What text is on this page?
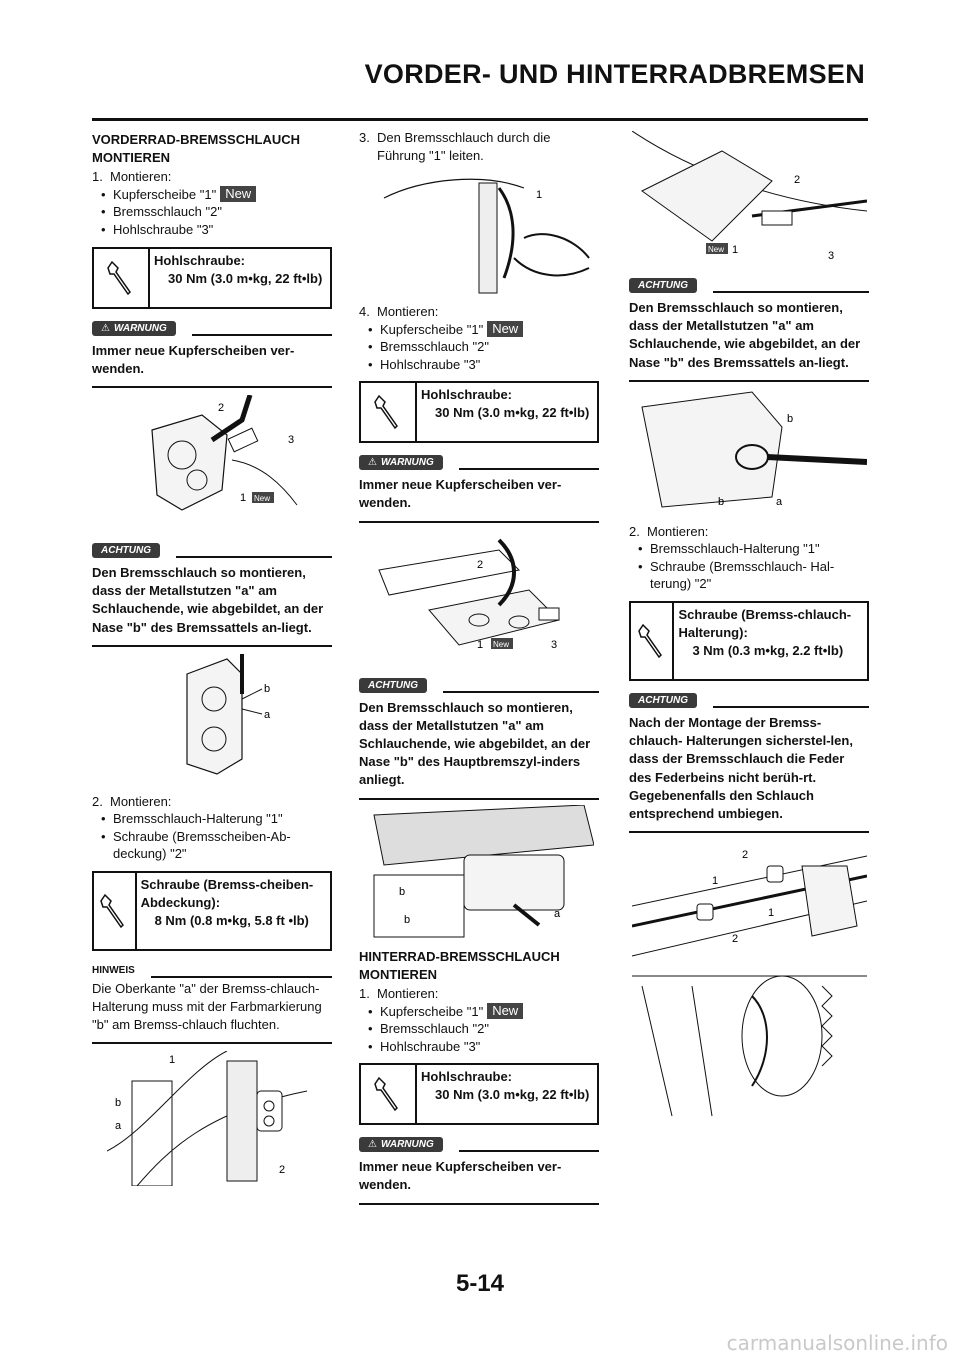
VORDER- UND HINTERRADBREMSEN
VORDERRAD-BREMSSCHLAUCH MONTIEREN
1. Montieren:
• Kupferscheibe "1" New
• Bremsschlauch "2"
• Hohlschraube "3"
Hohlschraube:
30 Nm (3.0 m•kg, 22 ft•lb)
⚠ WARNUNG
Immer neue Kupferscheiben ver-wenden.
2
3
1 New
ACHTUNG
Den Bremsschlauch so montieren, dass der Metallstutzen "a" am Schlauchende, wie abgebildet, an der Nase "b" des Bremssattels an-liegt.
b
a
2. Montieren:
• Bremsschlauch-Halterung "1"
• Schraube (Bremsscheiben-Ab-deckung) "2"
Schraube (Bremss-cheiben-Abdeckung):
8 Nm (0.8 m•kg, 5.8 ft •lb)
HINWEIS
Die Oberkante "a" der Bremss-chlauch- Halterung muss mit der Farbmarkierung "b" am Bremss-chlauch fluchten.
1
b
a
2
3. Den Bremsschlauch durch die Führung "1" leiten.
1
4. Montieren:
• Kupferscheibe "1" New
• Bremsschlauch "2"
• Hohlschraube "3"
Hohlschraube:
30 Nm (3.0 m•kg, 22 ft•lb)
⚠ WARNUNG
Immer neue Kupferscheiben ver-wenden.
2
1 New	3
ACHTUNG
Den Bremsschlauch so montieren, dass der Metallstutzen "a" am Schlauchende, wie abgebildet, an der Nase "b" des Hauptbremszyl-inders anliegt.
b
b	a
HINTERRAD-BREMSSCHLAUCH MONTIEREN
1. Montieren:
• Kupferscheibe "1" New
• Bremsschlauch "2"
• Hohlschraube "3"
Hohlschraube:
30 Nm (3.0 m•kg, 22 ft•lb)
⚠ WARNUNG
Immer neue Kupferscheiben ver-wenden.
2
New 1	3
ACHTUNG
Den Bremsschlauch so montieren, dass der Metallstutzen "a" am Schlauchende, wie abgebildet, an der Nase "b" des Bremssattels an-liegt.
b
b	a
2. Montieren:
• Bremsschlauch-Halterung "1"
• Schraube (Bremsschlauch- Hal-terung) "2"
Schraube (Bremss-chlauch- Halterung):
3 Nm (0.3 m•kg, 2.2 ft•lb)
ACHTUNG
Nach der Montage der Bremss-chlauch- Halterungen sicherstel-len, dass der Bremsschlauch die Feder des Federbeins nicht berüh-rt. Gegebenenfalls den Schlauch entsprechend umbiegen.
2
1
1
2
5-14
carmanualsonline.info
